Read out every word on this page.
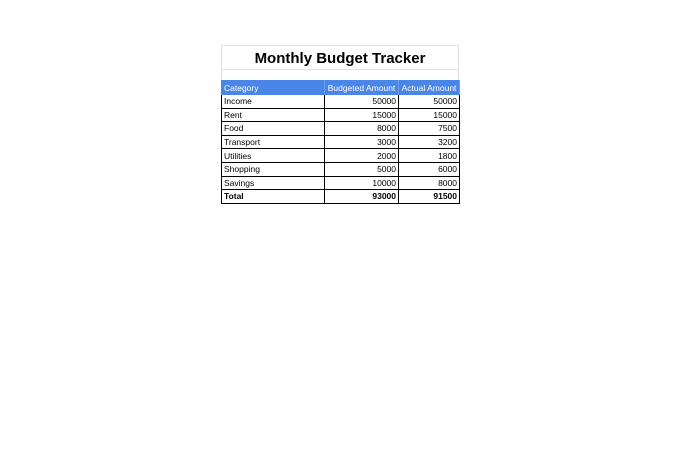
Monthly Budget Tracker
Category	Budgeted Amount	Actual Amount
Income	50000	50000
Rent	15000	15000
Food	8000	7500
Transport	3000	3200
Utilities	2000	1800
Shopping	5000	6000
Savings	10000	8000
Total	93000	91500
